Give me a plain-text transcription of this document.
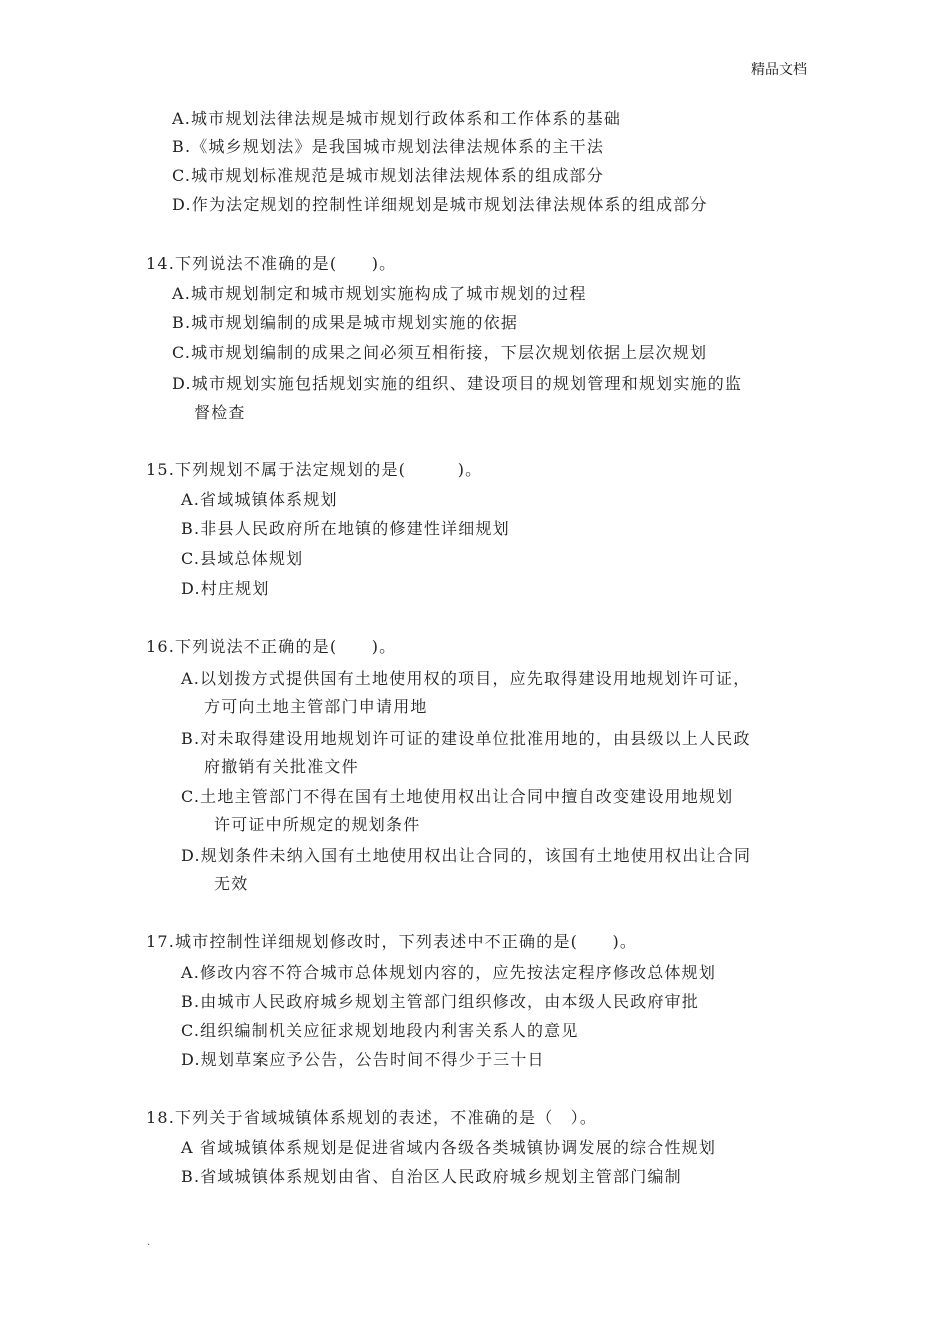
精品文档
A.城市规划法律法规是城市规划行政体系和工作体系的基础
B.《城乡规划法》是我国城市规划法律法规体系的主干法
C.城市规划标准规范是城市规划法律法规体系的组成部分
D.作为法定规划的控制性详细规划是城市规划法律法规体系的组成部分
14.下列说法不准确的是(　　)。
A.城市规划制定和城市规划实施构成了城市规划的过程
B.城市规划编制的成果是城市规划实施的依据
C.城市规划编制的成果之间必须互相衔接，下层次规划依据上层次规划
D.城市规划实施包括规划实施的组织、建设项目的规划管理和规划实施的监
督检查
15.下列规划不属于法定规划的是(　　　)。
A.省域城镇体系规划
B.非县人民政府所在地镇的修建性详细规划
C.县域总体规划
D.村庄规划
16.下列说法不正确的是(　　)。
A.以划拨方式提供国有土地使用权的项目，应先取得建设用地规划许可证，
方可向土地主管部门申请用地
B.对未取得建设用地规划许可证的建设单位批准用地的，由县级以上人民政
府撤销有关批准文件
C.土地主管部门不得在国有土地使用权出让合同中擅自改变建设用地规划
许可证中所规定的规划条件
D.规划条件未纳入国有土地使用权出让合同的，该国有土地使用权出让合同
无效
17.城市控制性详细规划修改时，下列表述中不正确的是(　　)。
A.修改内容不符合城市总体规划内容的，应先按法定程序修改总体规划
B.由城市人民政府城乡规划主管部门组织修改，由本级人民政府审批
C.组织编制机关应征求规划地段内利害关系人的意见
D.规划草案应予公告，公告时间不得少于三十日
18.下列关于省域城镇体系规划的表述，不准确的是（　）。
A 省域城镇体系规划是促进省域内各级各类城镇协调发展的综合性规划
B.省域城镇体系规划由省、自治区人民政府城乡规划主管部门编制
.
